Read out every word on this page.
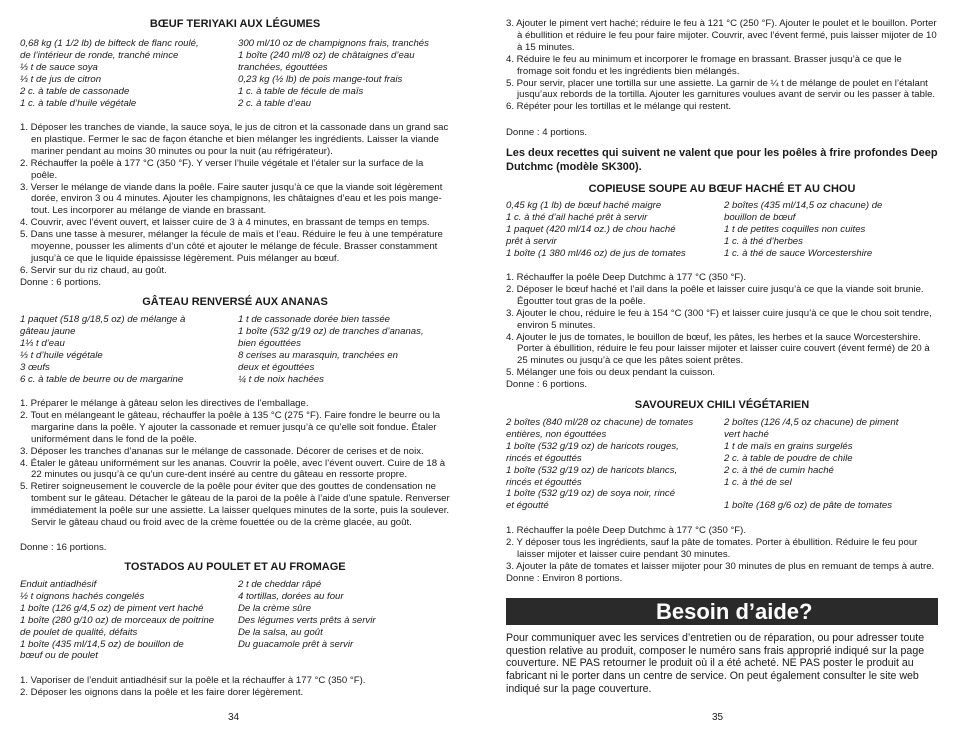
BŒUF TERIYAKI AUX LÉGUMES
0,68 kg (1 1/2 lb) de bifteck de flanc roulé,	300 ml/10 oz de champignons frais, tranchés
de l’intérieur de ronde, tranché mince	1 boîte (240 ml/8 oz) de châtaignes d’eau
⅓ t de sauce soya	tranchées, égouttées
⅓ t de jus de citron	0,23 kg (½ lb) de pois mange-tout frais
2 c. à table de cassonade	1 c. à table de fécule de maïs
1 c. à table d’huile végétale	2 c. à table d’eau
1. Déposer les tranches de viande, la sauce soya, le jus de citron et la cassonade dans un grand sac en plastique. Fermer le sac de façon étanche et bien mélanger les ingrédients. Laisser la viande mariner pendant au moins 30 minutes ou pour la nuit (au réfrigérateur).
2. Réchauffer la poêle à 177 °C (350 °F). Y verser l’huile végétale et l’étaler sur la surface de la poêle.
3. Verser le mélange de viande dans la poêle. Faire sauter jusqu’à ce que la viande soit légèrement dorée, environ 3 ou 4 minutes. Ajouter les champignons, les châtaignes d’eau et les pois mange-tout. Les incorporer au mélange de viande en brassant.
4. Couvrir, avec l’évent ouvert, et laisser cuire de 3 à 4 minutes, en brassant de temps en temps.
5. Dans une tasse à mesurer, mélanger la fécule de maïs et l’eau. Réduire le feu à une température moyenne, pousser les aliments d’un côté et ajouter le mélange de fécule. Brasser constamment jusqu’à ce que le liquide épaississe légèrement. Puis mélanger au bœuf.
6. Servir sur du riz chaud, au goût.
Donne : 6 portions.
GÂTEAU RENVERSÉ AUX ANANAS
1 paquet (518 g/18,5 oz) de mélange à	1 t de cassonade dorée bien tassée
gâteau jaune	1 boîte (532 g/19 oz) de tranches d’ananas,
1⅓ t d’eau	bien égouttées
⅓ t d’huile végétale	8 cerises au marasquin, tranchées en
3 œufs	deux et égouttées
6 c. à table de beurre ou de margarine	¼ t de noix hachées
1. Préparer le mélange à gâteau selon les directives de l’emballage.
2. Tout en mélangeant le gâteau, réchauffer la poêle à 135 °C (275 °F). Faire fondre le beurre ou la margarine dans la poêle. Y ajouter la cassonade et remuer jusqu’à ce qu’elle soit fondue. Étaler uniformément dans le fond de la poêle.
3. Déposer les tranches d’ananas sur le mélange de cassonade. Décorer de cerises et de noix.
4. Étaler le gâteau uniformément sur les ananas. Couvrir la poêle, avec l’évent ouvert. Cuire de 18 à 22 minutes ou jusqu’à ce qu’un cure-dent inséré au centre du gâteau en ressorte propre.
5. Retirer soigneusement le couvercle de la poêle pour éviter que des gouttes de condensation ne tombent sur le gâteau. Détacher le gâteau de la paroi de la poêle à l’aide d’une spatule. Renverser immédiatement la poêle sur une assiette. La laisser quelques minutes de la sorte, puis la soulever. Servir le gâteau chaud ou froid avec de la crème fouettée ou de la crème glacée, au goût.
Donne : 16 portions.
TOSTADOS AU POULET ET AU FROMAGE
Enduit antiadhésif	2 t de cheddar râpé
½ t oignons hachés congelés	4 tortillas, dorées au four
1 boîte (126 g/4,5 oz) de piment vert haché	De la crème sûre
1 boîte (280 g/10 oz) de morceaux de poitrine	Des légumes verts prêts à servir
de poulet de qualité, défaits	De la salsa, au goût
1 boîte (435 ml/14,5 oz) de bouillon de	Du guacamole prêt à servir
bœuf ou de poulet
1. Vaporiser de l’enduit antiadhésif sur la poêle et la réchauffer à 177 °C (350 °F).
2. Déposer les oignons dans la poêle et les faire dorer légèrement.
34
3. Ajouter le piment vert haché; réduire le feu à 121 °C (250 °F). Ajouter le poulet et le bouillon. Porter à ébullition et réduire le feu pour faire mijoter. Couvrir, avec l’évent fermé, puis laisser mijoter de 10 à 15 minutes.
4. Réduire le feu au minimum et incorporer le fromage en brassant. Brasser jusqu’à ce que le fromage soit fondu et les ingrédients bien mélangés.
5. Pour servir, placer une tortilla sur une assiette. La garnir de ¼ t de mélange de poulet en l’étalant jusqu’aux rebords de la tortilla. Ajouter les garnitures voulues avant de servir ou les passer à table.
6. Répéter pour les tortillas et le mélange qui restent.
Donne : 4 portions.
Les deux recettes qui suivent ne valent que pour les poêles à frire profondes Deep Dutchmc (modèle SK300).
COPIEUSE SOUPE AU BŒUF HACHÉ ET AU CHOU
0,45 kg (1 lb) de bœuf haché maigre	2 boîtes (435 ml/14,5 oz chacune) de
1 c. à thé d’ail haché prêt à servir	bouillon de bœuf
1 paquet (420 ml/14 oz.) de chou haché	1 t de petites coquilles non cuites
prêt à servir	1 c. à thé d’herbes
1 boîte (1 380 ml/46 oz) de jus de tomates	1 c. à thé de sauce Worcestershire
1. Réchauffer la poêle Deep Dutchmc à 177 °C (350 °F).
2. Déposer le bœuf haché et l’ail dans la poêle et laisser cuire jusqu’à ce que la viande soit brunie. Égoutter tout gras de la poêle.
3. Ajouter le chou, réduire le feu à 154 °C (300 °F) et laisser cuire jusqu’à ce que le chou soit tendre, environ 5 minutes.
4. Ajouter le jus de tomates, le bouillon de bœuf, les pâtes, les herbes et la sauce Worcestershire. Porter à ébullition, réduire le feu pour laisser mijoter et laisser cuire couvert (évent fermé) de 20 à 25 minutes ou jusqu’à ce que les pâtes soient prêtes.
5. Mélanger une fois ou deux pendant la cuisson.
Donne : 6 portions.
SAVOUREUX CHILI VÉGÉTARIEN
2 boîtes (840 ml/28 oz chacune) de tomates	2 boîtes (126 /4,5 oz chacune) de piment
entières, non égouttées	vert haché
1 boîte (532 g/19 oz) de haricots rouges,	1 t de maïs en grains surgelés
rincés et égouttés	2 c. à table de poudre de chile
1 boîte (532 g/19 oz) de haricots blancs,	2 c. à thé de cumin haché
rincés et égouttés	1 c. à thé de sel
1 boîte (532 g/19 oz) de soya noir, rincé
et égoutté	1 boîte (168 g/6 oz) de pâte de tomates
1. Réchauffer la poêle Deep Dutchmc à 177 °C (350 °F).
2. Y déposer tous les ingrédients, sauf la pâte de tomates. Porter à ébullition. Réduire le feu pour laisser mijoter et laisser cuire pendant 30 minutes.
3. Ajouter la pâte de tomates et laisser mijoter pour 30 minutes de plus en remuant de temps à autre.
Donne : Environ 8 portions.
Besoin d’aide?
Pour communiquer avec les services d’entretien ou de réparation, ou pour adresser toute question relative au produit, composer le numéro sans frais approprié indiqué sur la page couverture. NE PAS retourner le produit où il a été acheté. NE PAS poster le produit au fabricant ni le porter dans un centre de service. On peut également consulter le site web indiqué sur la page couverture.
35
